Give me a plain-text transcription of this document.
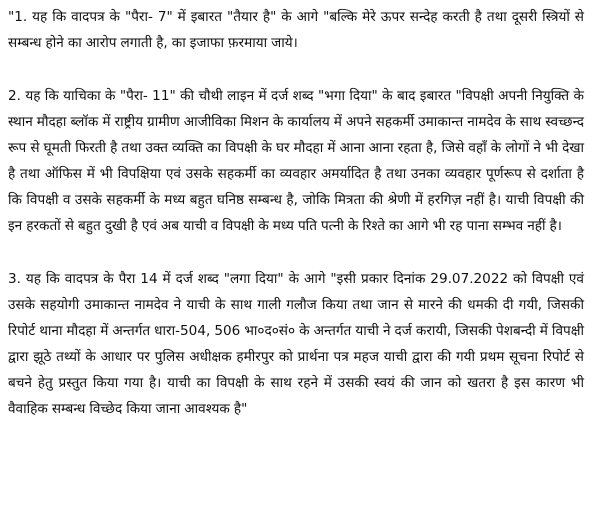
"1. यह कि वादपत्र के "पैरा- 7" में इबारत "तैयार है" के आगे "बल्कि मेरे ऊपर सन्देह करती है तथा दूसरी स्त्रियों से सम्बन्ध होने का आरोप लगाती है, का इजाफा फ़रमाया जाये।

2. यह कि याचिका के "पैरा- 11" की चौथी लाइन में दर्ज शब्द "भगा दिया" के बाद इबारत "विपक्षी अपनी नियुक्ति के स्थान मौदहा ब्लॉक में राष्ट्रीय ग्रामीण आजीविका मिशन के कार्यालय में अपने सहकर्मी उमाकान्त नामदेव के साथ स्वच्छन्द रूप से घूमती फिरती है तथा उक्त व्यक्ति का विपक्षी के घर मौदहा में आना आना रहता है, जिसे वहाँ के लोगों ने भी देखा है तथा ऑफिस में भी विपक्षिया एवं उसके सहकर्मी का व्यवहार अमर्यादित है तथा उनका व्यवहार पूर्णरूप से दर्शाता है कि विपक्षी व उसके सहकर्मी के मध्य बहुत घनिष्ठ सम्बन्ध है, जोकि मित्रता की श्रेणी में हरगिज़ नहीं है। याची विपक्षी की इन हरकतों से बहुत दुखी है एवं अब याची व विपक्षी के मध्य पति पत्नी के रिश्ते का आगे भी रह पाना सम्भव नहीं है।

3. यह कि वादपत्र के पैरा 14 में दर्ज शब्द "लगा दिया" के आगे "इसी प्रकार दिनांक 29.07.2022 को विपक्षी एवं उसके सहयोगी उमाकान्त नामदेव ने याची के साथ गाली गलौज किया तथा जान से मारने की धमकी दी गयी, जिसकी रिपोर्ट थाना मौदहा में अन्तर्गत धारा-504, 506 भा०द०सं० के अन्तर्गत याची ने दर्ज करायी, जिसकी पेशबन्दी में विपक्षी द्वारा झूठे तथ्यों के आधार पर पुलिस अधीक्षक हमीरपुर को प्रार्थना पत्र महज याची द्वारा की गयी प्रथम सूचना रिपोर्ट से बचने हेतु प्रस्तुत किया गया है। याची का विपक्षी के साथ रहने में उसकी स्वयं की जान को खतरा है इस कारण भी वैवाहिक सम्बन्ध विच्छेद किया जाना आवश्यक है"
